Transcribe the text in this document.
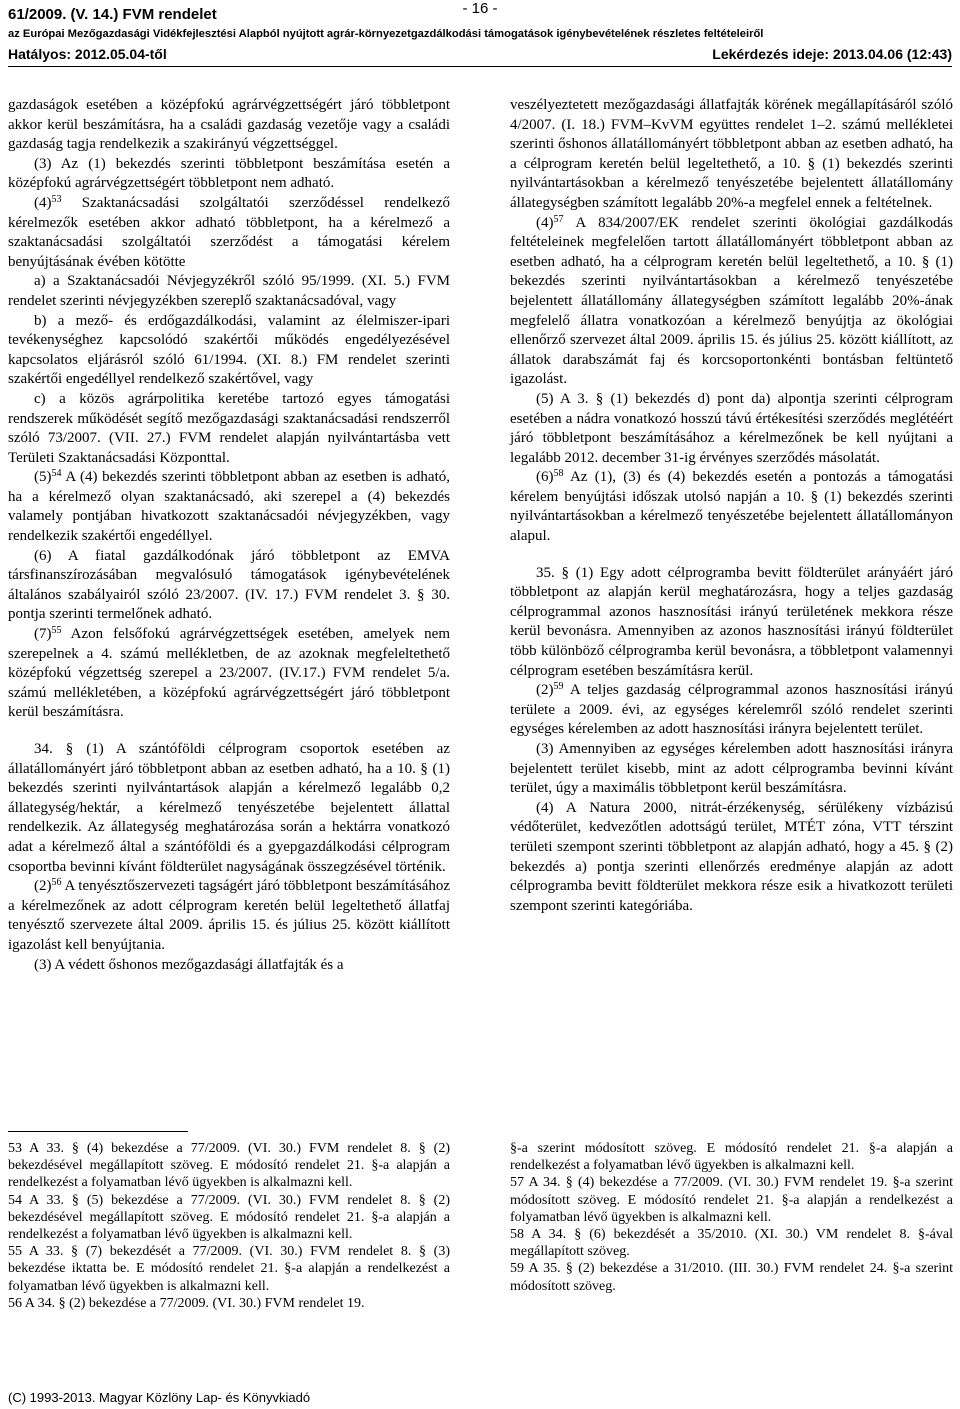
61/2009. (V. 14.) FVM rendelet	- 16 -
az Európai Mezőgazdasági Vidékfejlesztési Alapból nyújtott agrár-környezetgazdálkodási támogatások igénybevételének részletes feltételeiről
Hatályos: 2012.05.04-től	Lekérdezés ideje: 2013.04.06 (12:43)

gazdaságok esetében a középfokú agrárvégzettségért járó többletpont akkor kerül beszámításra, ha a családi gazdaság vezetője vagy a családi gazdaság tagja rendelkezik a szakirányú végzettséggel.

(3) Az (1) bekezdés szerinti többletpont beszámítása esetén a középfokú agrárvégzettségért többletpont nem adható.

$(4)^{53}$ Szaktanácsadási szolgáltatói szerződéssel rendelkező kérelmezők esetében akkor adható többletpont, ha a kérelmező a szaktanácsadási szolgáltatói szerződést a támogatási kérelem benyújtásának évében kötötte

a) a Szaktanácsadói Névjegyzékről szóló 95/1999. (XI. 5.) FVM rendelet szerinti névjegyzékben szereplő szaktanácsadóval, vagy

b) a mező- és erdőgazdálkodási, valamint az élelmiszer-ipari tevékenységhez kapcsolódó szakértői működés engedélyezésével kapcsolatos eljárásról szóló 61/1994. (XI. 8.) FM rendelet szerinti szakértői engedéllyel rendelkező szakértővel, vagy

c) a közös agrárpolitika keretébe tartozó egyes támogatási rendszerek működését segítő mezőgazdasági szaktanácsadási rendszerről szóló 73/2007. (VII. 27.) FVM rendelet alapján nyilvántartásba vett Területi Szaktanácsadási Központtal.

$(5)^{54}$ A (4) bekezdés szerinti többletpont abban az esetben is adható, ha a kérelmező olyan szaktanácsadó, aki szerepel a (4) bekezdés valamely pontjában hivatkozott szaktanácsadói névjegyzékben, vagy rendelkezik szakértői engedéllyel.

(6) A fiatal gazdálkodónak járó többletpont az EMVA társfinanszírozásában megvalósuló támogatások igénybevételének általános szabályairól szóló 23/2007. (IV. 17.) FVM rendelet 3. § 30. pontja szerinti termelőnek adható.

$(7)^{55}$ Azon felsőfokú agrárvégzettségek esetében, amelyek nem szerepelnek a 4. számú mellékletben, de az azoknak megfeleltethető középfokú végzettség szerepel a 23/2007. (IV.17.) FVM rendelet 5/a. számú mellékletében, a középfokú agrárvégzettségért járó többletpont kerül beszámításra.

34. § (1) A szántóföldi célprogram csoportok esetében az állatállományért járó többletpont abban az esetben adható, ha a 10. § (1) bekezdés szerinti nyilvántartások alapján a kérelmező legalább 0,2 állategység/hektár, a kérelmező tenyészetébe bejelentett állattal rendelkezik. Az állategység meghatározása során a hektárra vonatkozó adat a kérelmező által a szántóföldi és a gyepgazdálkodási célprogram csoportba bevinni kívánt földterület nagyságának összegzésével történik.

$(2)^{56}$ A tenyésztőszervezeti tagságért járó többletpont beszámításához a kérelmezőnek az adott célprogram keretén belül legeltethető állatfaj tenyésztő szervezete által 2009. április 15. és július 25. között kiállított igazolást kell benyújtania.

(3) A védett őshonos mezőgazdasági állatfajták és a

veszélyeztetett mezőgazdasági állatfajták körének megállapításáról szóló 4/2007. (I. 18.) FVM–KvVM együttes rendelet 1–2. számú mellékletei szerinti őshonos állatállományért többletpont abban az esetben adható, ha a célprogram keretén belül legeltethető, a 10. § (1) bekezdés szerinti nyilvántartásokban a kérelmező tenyészetébe bejelentett állatállomány állategységben számított legalább 20%-a megfelel ennek a feltételnek.

$(4)^{57}$ A 834/2007/EK rendelet szerinti ökológiai gazdálkodás feltételeinek megfelelően tartott állatállományért többletpont abban az esetben adható, ha a célprogram keretén belül legeltethető, a 10. § (1) bekezdés szerinti nyilvántartásokban a kérelmező tenyészetébe bejelentett állatállomány állategységben számított legalább 20%-ának megfelelő állatra vonatkozóan a kérelmező benyújtja az ökológiai ellenőrző szervezet által 2009. április 15. és július 25. között kiállított, az állatok darabszámát faj és korcsoportonkénti bontásban feltüntető igazolást.

(5) A 3. § (1) bekezdés d) pont da) alpontja szerinti célprogram esetében a nádra vonatkozó hosszú távú értékesítési szerződés meglétéért járó többletpont beszámításához a kérelmezőnek be kell nyújtani a legalább 2012. december 31-ig érvényes szerződés másolatát.

$(6)^{58}$ Az (1), (3) és (4) bekezdés esetén a pontozás a támogatási kérelem benyújtási időszak utolsó napján a 10. § (1) bekezdés szerinti nyilvántartásokban a kérelmező tenyészetébe bejelentett állatállományon alapul.

35. § (1) Egy adott célprogramba bevitt földterület arányáért járó többletpont az alapján kerül meghatározásra, hogy a teljes gazdaság célprogrammal azonos hasznosítási irányú területének mekkora része kerül bevonásra. Amennyiben az azonos hasznosítási irányú földterület több különböző célprogramba kerül bevonásra, a többletpont valamennyi célprogram esetében beszámításra kerül.

$(2)^{59}$ A teljes gazdaság célprogrammal azonos hasznosítási irányú területe a 2009. évi, az egységes kérelemről szóló rendelet szerinti egységes kérelemben az adott hasznosítási irányra bejelentett terület.

(3) Amennyiben az egységes kérelemben adott hasznosítási irányra bejelentett terület kisebb, mint az adott célprogramba bevinni kívánt terület, úgy a maximális többletpont kerül beszámításra.

(4) A Natura 2000, nitrát-érzékenység, sérülékeny vízbázisú védőterület, kedvezőtlen adottságú terület, MTÉT zóna, VTT térszint területi szempont szerinti többletpont az alapján adható, hogy a 45. § (2) bekezdés a) pontja szerinti ellenőrzés eredménye alapján az adott célprogramba bevitt földterület mekkora része esik a hivatkozott területi szempont szerinti kategóriába.

53 A 33. § (4) bekezdése a 77/2009. (VI. 30.) FVM rendelet 8. § (2) bekezdésével megállapított szöveg. E módosító rendelet 21. §-a alapján a rendelkezést a folyamatban lévő ügyekben is alkalmazni kell.

54 A 33. § (5) bekezdése a 77/2009. (VI. 30.) FVM rendelet 8. § (2) bekezdésével megállapított szöveg. E módosító rendelet 21. §-a alapján a rendelkezést a folyamatban lévő ügyekben is alkalmazni kell.

55 A 33. § (7) bekezdését a 77/2009. (VI. 30.) FVM rendelet 8. § (3) bekezdése iktatta be. E módosító rendelet 21. §-a alapján a rendelkezést a folyamatban lévő ügyekben is alkalmazni kell.

56 A 34. § (2) bekezdése a 77/2009. (VI. 30.) FVM rendelet 19.

§-a szerint módosított szöveg. E módosító rendelet 21. §-a alapján a rendelkezést a folyamatban lévő ügyekben is alkalmazni kell.

57 A 34. § (4) bekezdése a 77/2009. (VI. 30.) FVM rendelet 19. §-a szerint módosított szöveg. E módosító rendelet 21. §-a alapján a rendelkezést a folyamatban lévő ügyekben is alkalmazni kell.

58 A 34. § (6) bekezdését a 35/2010. (XI. 30.) VM rendelet 8. §-ával megállapított szöveg.

59 A 35. § (2) bekezdése a 31/2010. (III. 30.) FVM rendelet 24. §-a szerint módosított szöveg.

(C) 1993-2013. Magyar Közlöny Lap- és Könyvkiadó
